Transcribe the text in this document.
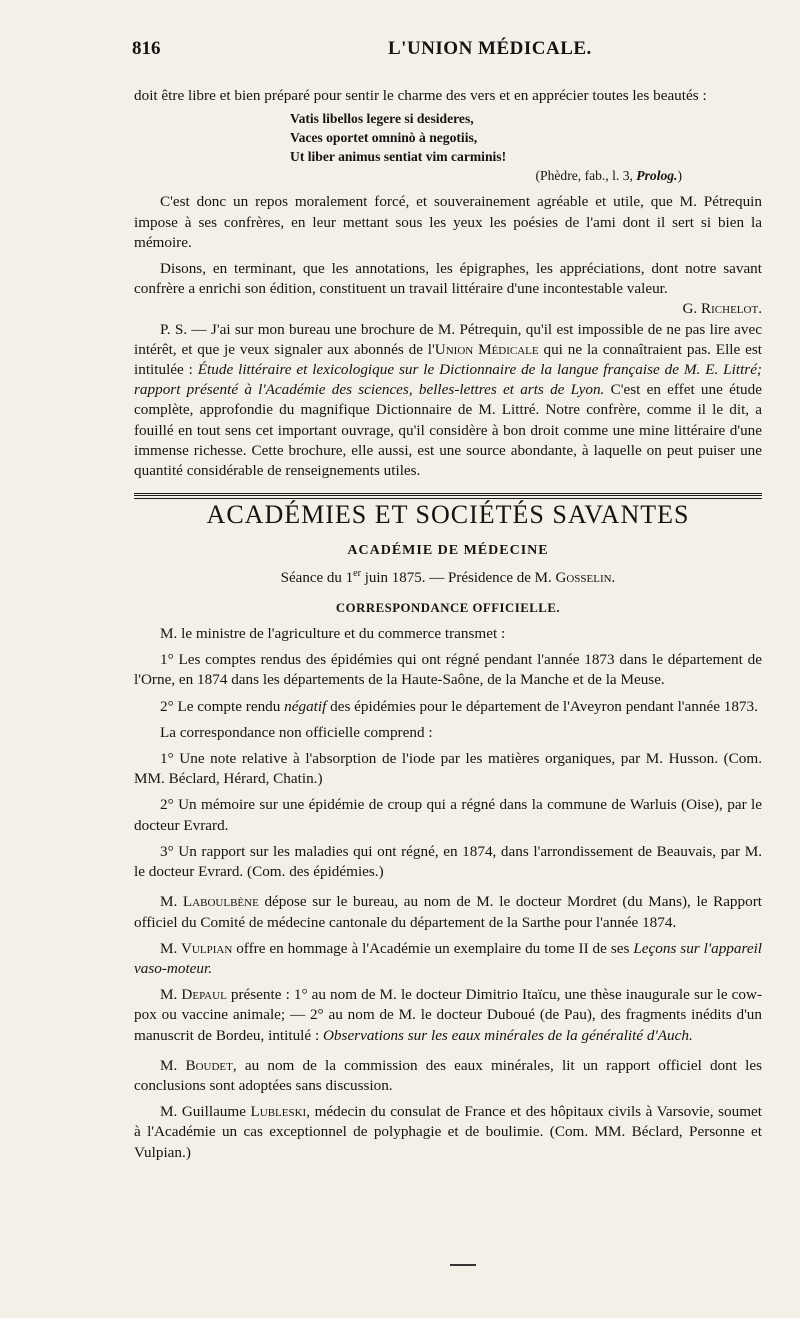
816	L'UNION MÉDICALE.

doit être libre et bien préparé pour sentir le charme des vers et en apprécier toutes les beautés :

Vatis libellos legere si desideres,
Vaces oportet omninò à negotiis,
Ut liber animus sentiat vim carminis!

(Phèdre, fab., l. 3, Prolog.)

C'est donc un repos moralement forcé, et souverainement agréable et utile, que M. Pétrequin impose à ses confrères, en leur mettant sous les yeux les poésies de l'ami dont il sert si bien la mémoire.

Disons, en terminant, que les annotations, les épigraphes, les appréciations, dont notre savant confrère a enrichi son édition, constituent un travail littéraire d'une incontestable valeur.
G. Richelot.

P. S. — J'ai sur mon bureau une brochure de M. Pétrequin, qu'il est impossible de ne pas lire avec intérêt, et que je veux signaler aux abonnés de l'Union Médicale qui ne la connaîtraient pas. Elle est intitulée : Étude littéraire et lexicologique sur le Dictionnaire de la langue française de M. E. Littré; rapport présenté à l'Académie des sciences, belles-lettres et arts de Lyon. C'est en effet une étude complète, approfondie du magnifique Dictionnaire de M. Littré. Notre confrère, comme il le dit, a fouillé en tout sens cet important ouvrage, qu'il considère à bon droit comme une mine littéraire d'une immense richesse. Cette brochure, elle aussi, est une source abondante, à laquelle on peut puiser une quantité considérable de renseignements utiles.

ACADÉMIES ET SOCIÉTÉS SAVANTES
ACADÉMIE DE MÉDECINE
Séance du 1er juin 1875. — Présidence de M. Gosselin.
CORRESPONDANCE OFFICIELLE.

M. le ministre de l'agriculture et du commerce transmet :

1° Les comptes rendus des épidémies qui ont régné pendant l'année 1873 dans le département de l'Orne, en 1874 dans les départements de la Haute-Saône, de la Manche et de la Meuse.

2° Le compte rendu négatif des épidémies pour le département de l'Aveyron pendant l'année 1873.

La correspondance non officielle comprend :

1° Une note relative à l'absorption de l'iode par les matières organiques, par M. Husson. (Com. MM. Béclard, Hérard, Chatin.)

2° Un mémoire sur une épidémie de croup qui a régné dans la commune de Warluis (Oise), par le docteur Evrard.

3° Un rapport sur les maladies qui ont régné, en 1874, dans l'arrondissement de Beauvais, par M. le docteur Evrard. (Com. des épidémies.)

M. Laboulbène dépose sur le bureau, au nom de M. le docteur Mordret (du Mans), le Rapport officiel du Comité de médecine cantonale du département de la Sarthe pour l'année 1874.

M. Vulpian offre en hommage à l'Académie un exemplaire du tome II de ses Leçons sur l'appareil vaso-moteur.

M. Depaul présente : 1° au nom de M. le docteur Dimitrio Itaïcu, une thèse inaugurale sur le cow-pox ou vaccine animale; — 2° au nom de M. le docteur Duboué (de Pau), des fragments inédits d'un manuscrit de Bordeu, intitulé : Observations sur les eaux minérales de la généralité d'Auch.

M. Boudet, au nom de la commission des eaux minérales, lit un rapport officiel dont les conclusions sont adoptées sans discussion.

M. Guillaume Lubleski, médecin du consulat de France et des hôpitaux civils à Varsovie, soumet à l'Académie un cas exceptionnel de polyphagie et de boulimie. (Com. MM. Béclard, Personne et Vulpian.)
